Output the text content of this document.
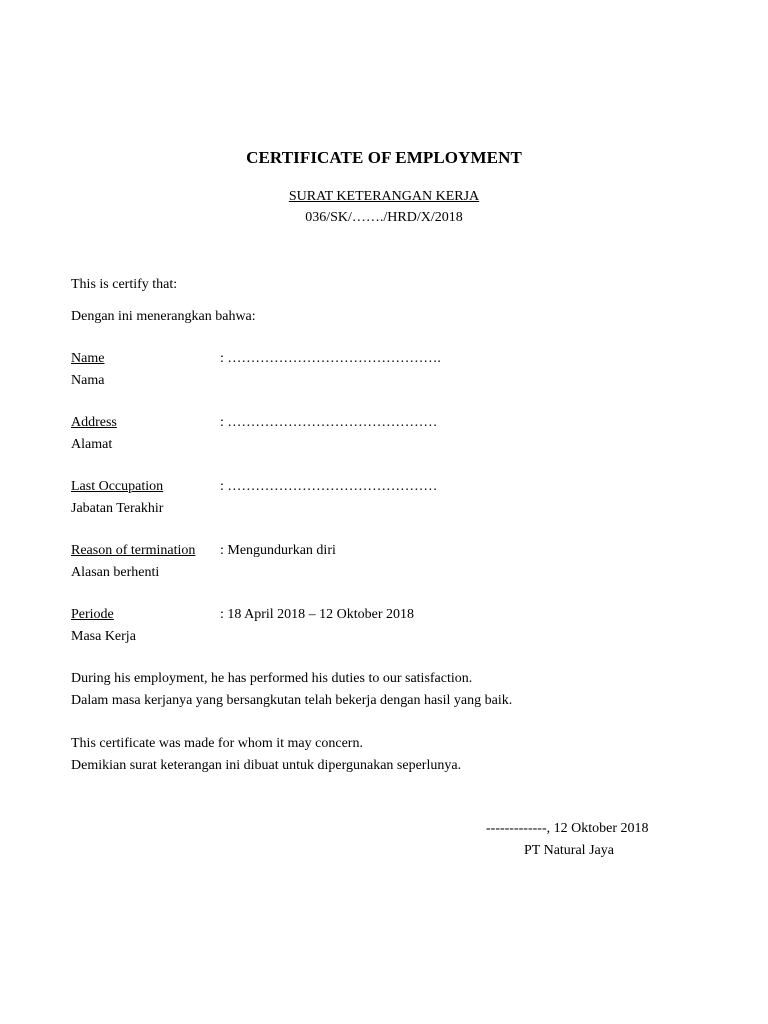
CERTIFICATE OF EMPLOYMENT
SURAT KETERANGAN KERJA
036/SK/……./HRD/X/2018
This is certify that:
Dengan ini menerangkan bahwa:
Name	: ……………………………………….
Nama
Address	: ………………………………………
Alamat
Last Occupation	: ………………………………………
Jabatan Terakhir
Reason of termination : Mengundurkan diri
Alasan berhenti
Periode	: 18 April 2018 – 12 Oktober 2018
Masa Kerja
During his employment, he has performed his duties to our satisfaction.
Dalam masa kerjanya yang bersangkutan telah bekerja dengan hasil yang baik.
This certificate was made for whom it may concern.
Demikian surat keterangan ini dibuat untuk dipergunakan seperlunya.
-------------, 12 Oktober 2018
PT Natural Jaya
